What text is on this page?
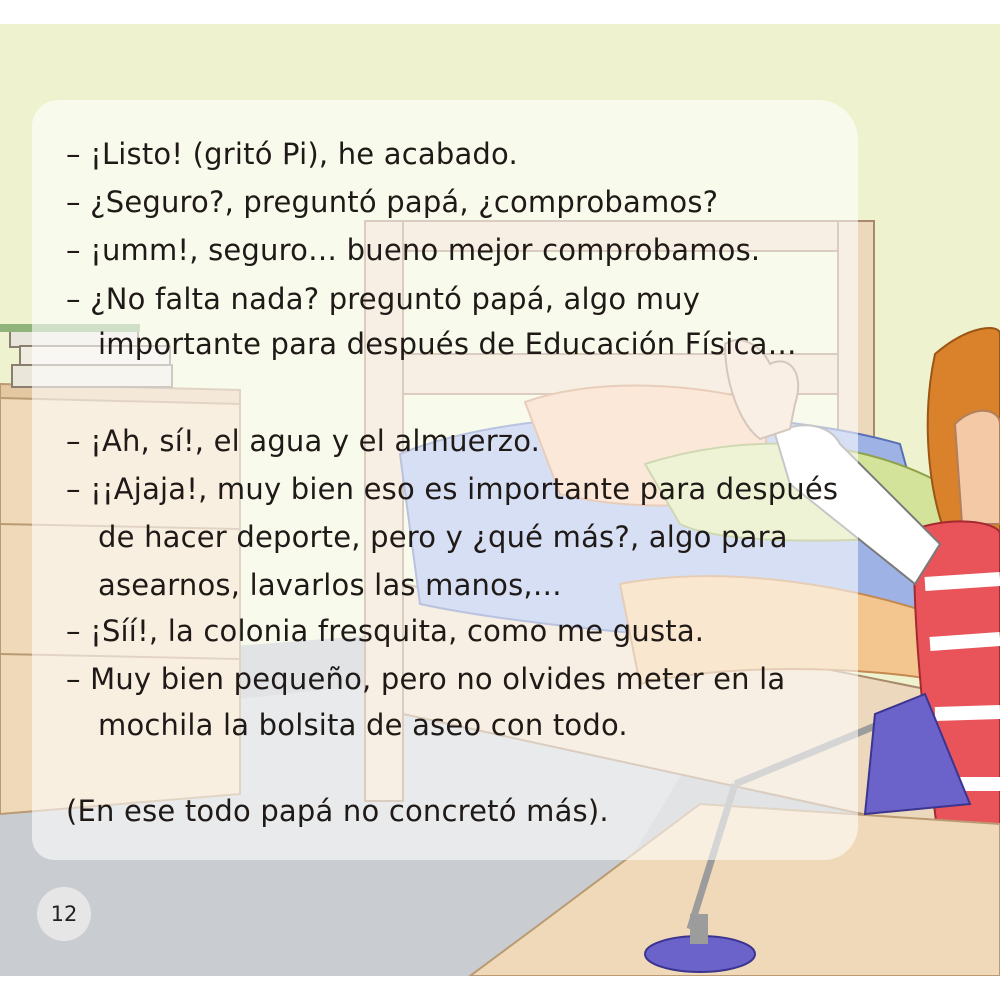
– ¡Listo! (gritó Pi), he acabado.

– ¿Seguro?, preguntó papá, ¿comprobamos?

– ¡umm!, seguro… bueno mejor comprobamos.

– ¿No falta nada? preguntó papá, algo muy

importante para después de Educación Física…

– ¡Ah, sí!, el agua y el almuerzo.

– ¡¡Ajaja!, muy bien eso es importante para después

de hacer deporte, pero y ¿qué más?, algo para

asearnos, lavarlos las manos,…

– ¡Síí!, la colonia fresquita, como me gusta.

– Muy bien pequeño, pero no olvides meter en la

mochila la bolsita de aseo con todo.

(En ese todo papá no concretó más).

12
